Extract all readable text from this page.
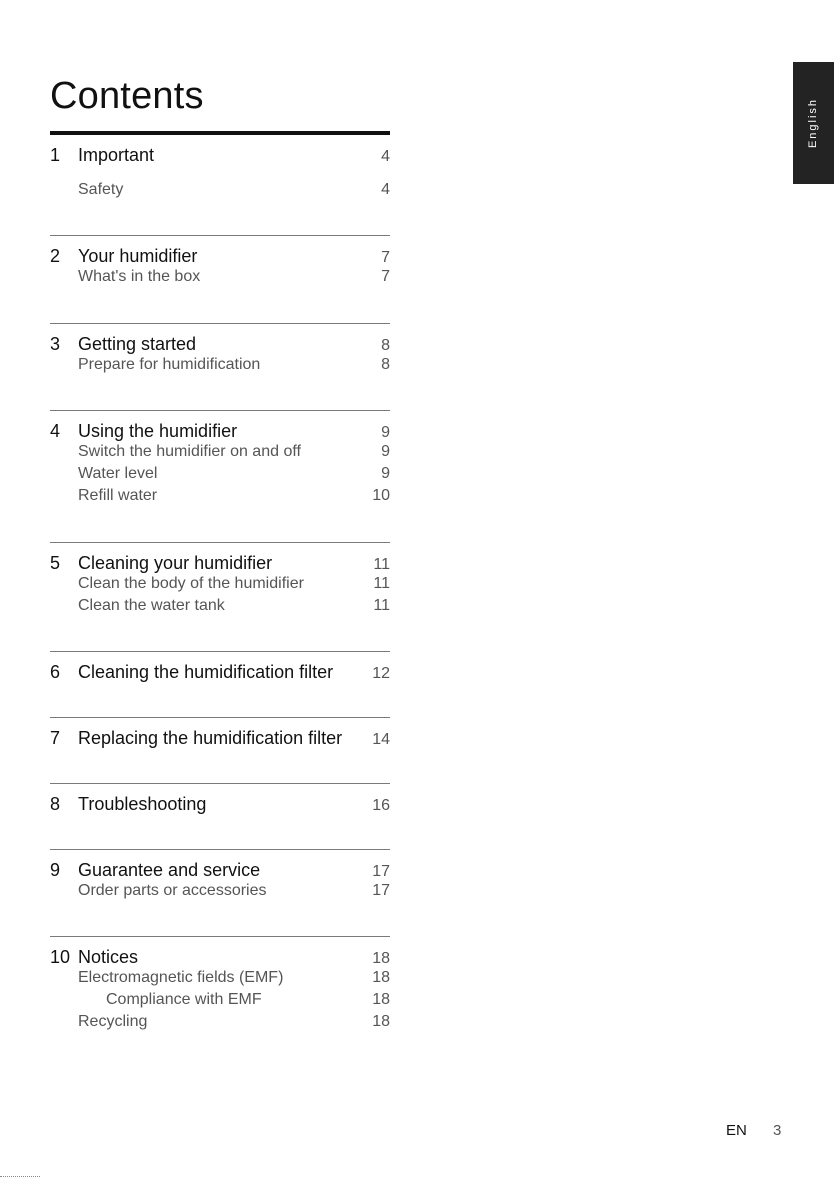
Contents
English
1 Important	4
Safety	4
2 Your humidifier	7
What's in the box	7
3 Getting started	8
Prepare for humidification	8
4 Using the humidifier	9
Switch the humidifier on and off	9
Water level	9
Refill water	10
5 Cleaning your humidifier	11
Clean the body of the humidifier	11
Clean the water tank	11
6 Cleaning the humidification filter	12
7 Replacing the humidification filter	14
8 Troubleshooting	16
9 Guarantee and service	17
Order parts or accessories	17
10 Notices	18
Electromagnetic fields (EMF)	18
Compliance with EMF	18
Recycling	18
EN 3
